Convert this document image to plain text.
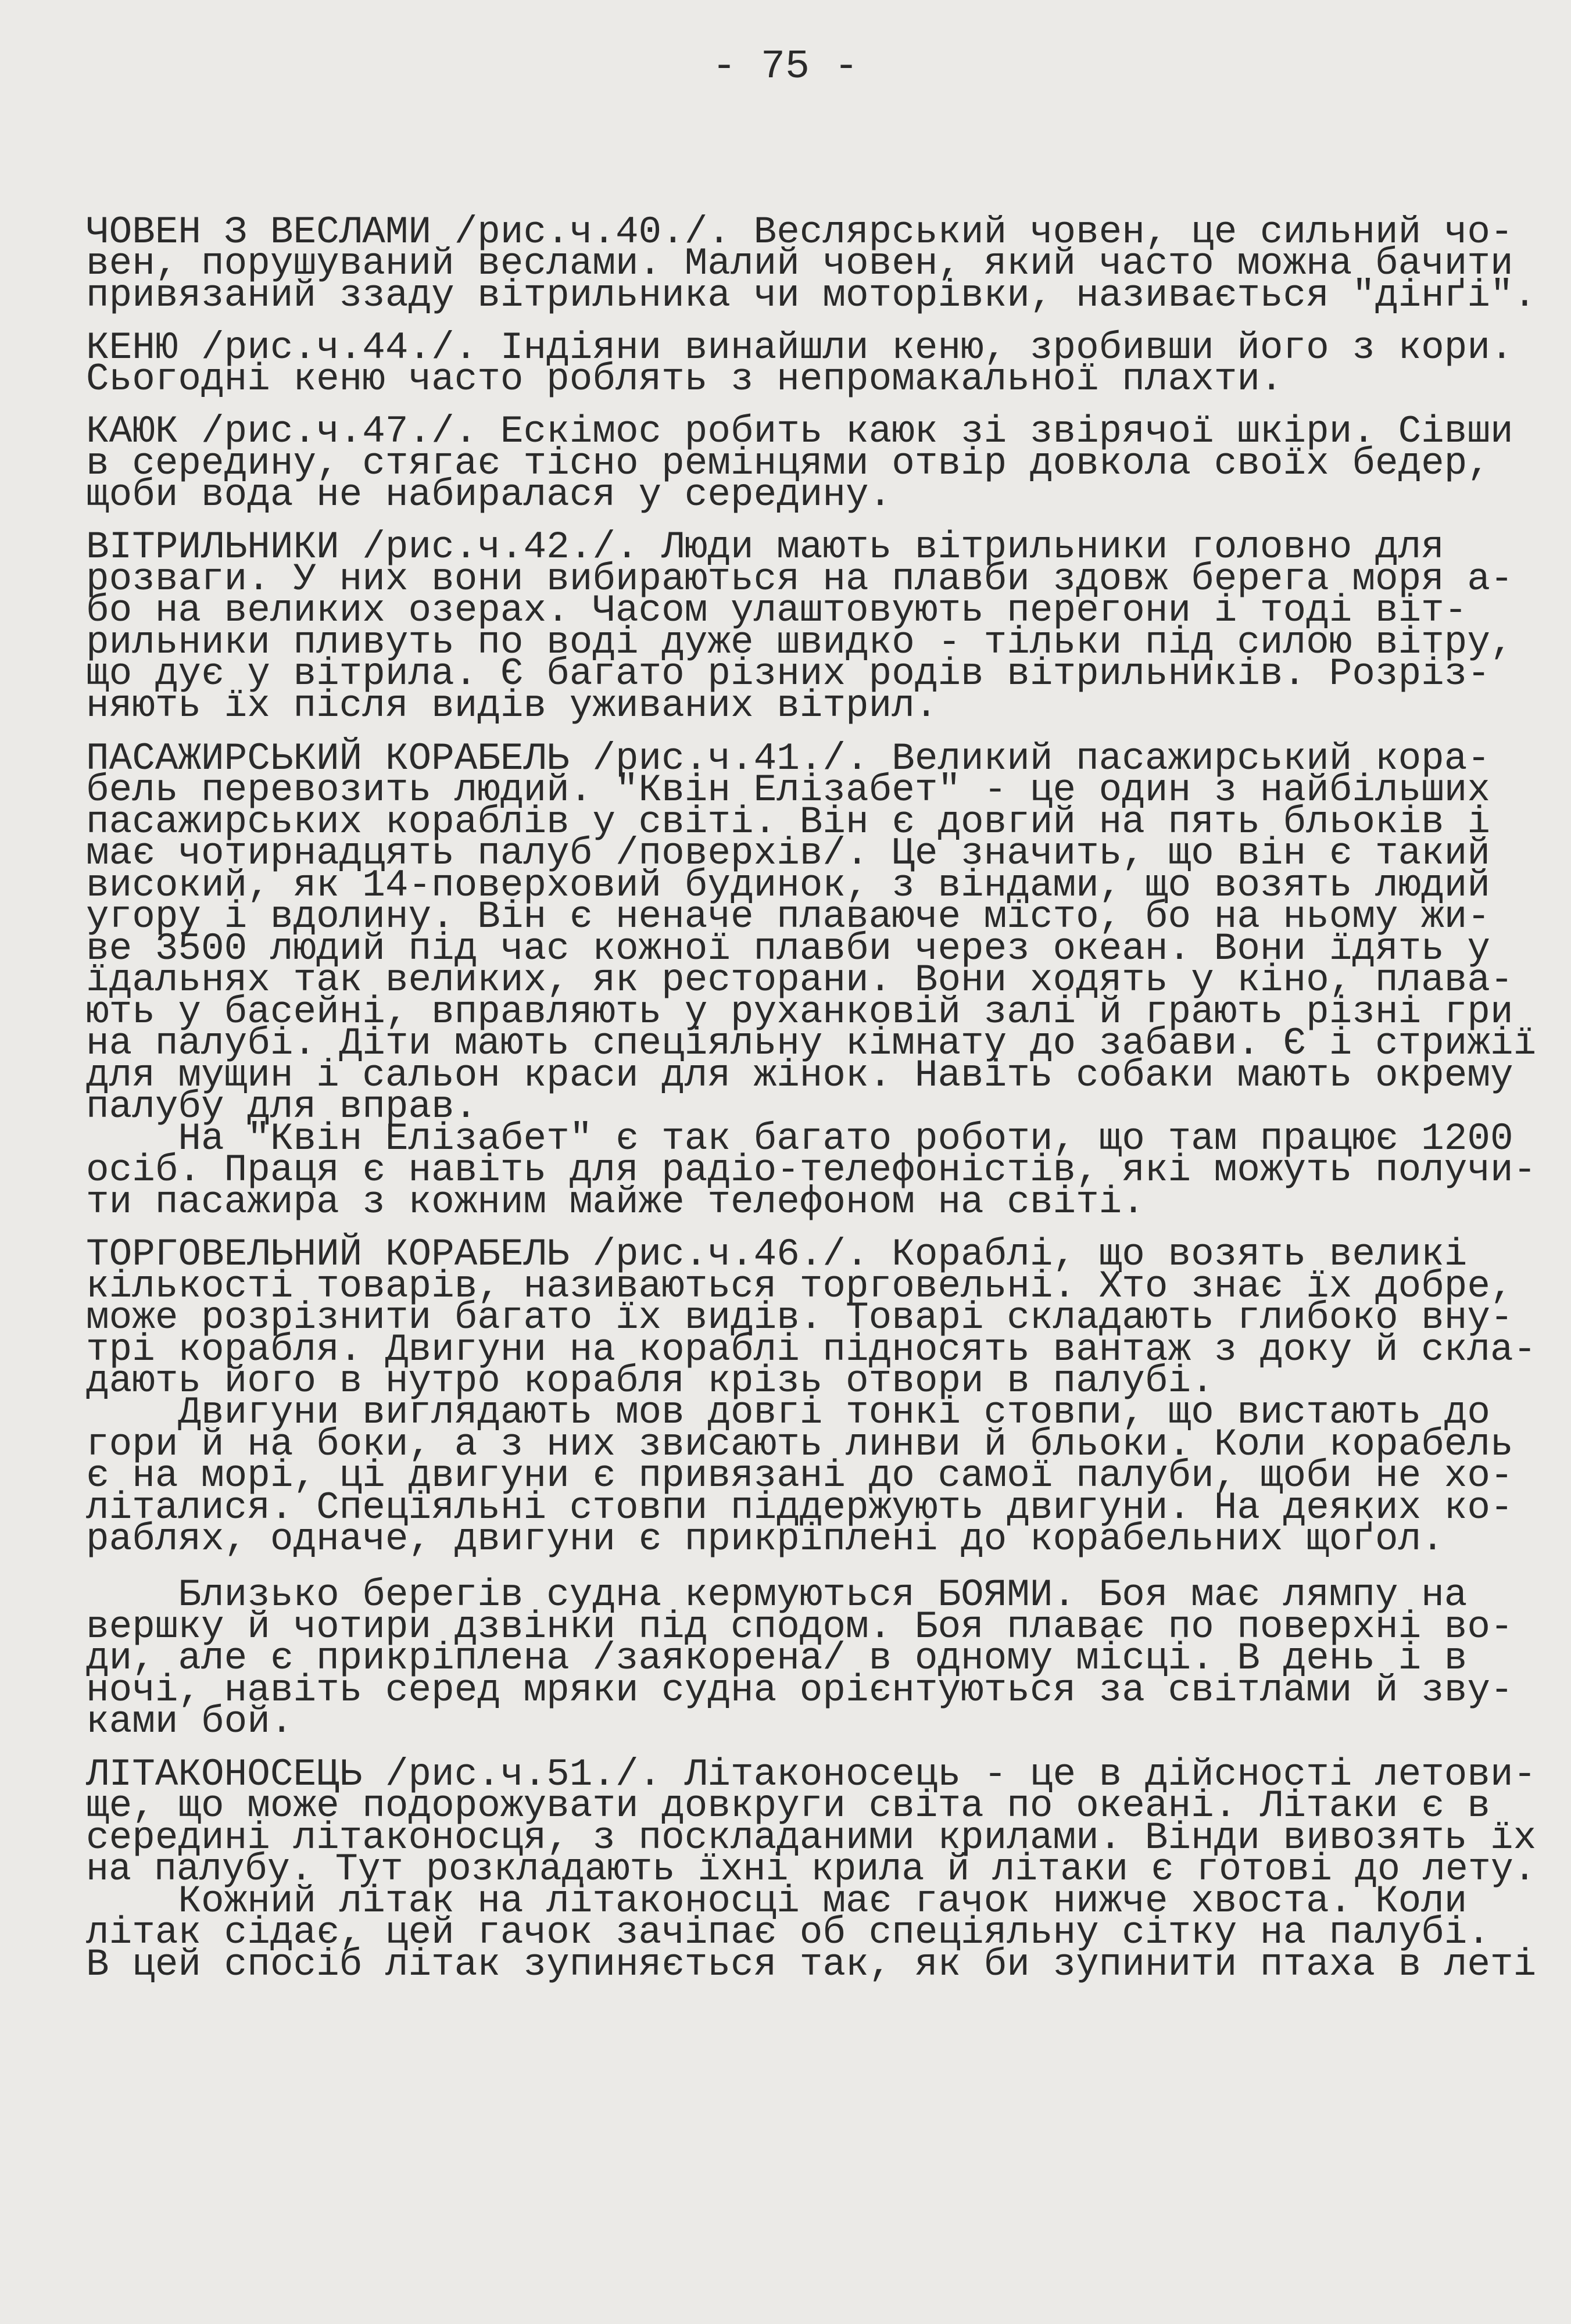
- 75 -
ЧОВЕН З ВЕСЛАМИ /рис.ч.40./. Веслярський човен, це сильний чо-
вен, порушуваний веслами. Малий човен, який часто можна бачити
привязаний ззаду вітрильника чи моторівки, називається "дінґі".
КЕНЮ /рис.ч.44./. Індіяни винайшли кеню, зробивши його з кори.
Сьогодні кеню часто роблять з непромакальної плахти.
КАЮК /рис.ч.47./. Ескімос робить каюк зі звірячої шкіри. Сівши
в середину, стягає тісно ремінцями отвір довкола своїх бедер,
щоби вода не набиралася у середину.
ВІТРИЛЬНИКИ /рис.ч.42./. Люди мають вітрильники головно для
розваги. У них вони вибираються на плавби здовж берега моря а-
бо на великих озерах. Часом улаштовують перегони і тоді віт-
рильники пливуть по воді дуже швидко - тільки під силою вітру,
що дує у вітрила. Є багато різних родів вітрильників. Розріз-
няють їх після видів уживаних вітрил.
ПАСАЖИРСЬКИЙ КОРАБЕЛЬ /рис.ч.41./. Великий пасажирський кора-
бель перевозить людий. "Квін Елізабет" - це один з найбільших
пасажирських кораблів у світі. Він є довгий на пять бльоків і
має чотирнадцять палуб /поверхів/. Це значить, що він є такий
високий, як 14-поверховий будинок, з віндами, що возять людий
угору і вдолину. Він є неначе плаваюче місто, бо на ньому жи-
ве 3500 людий під час кожної плавби через океан. Вони їдять у
їдальнях так великих, як ресторани. Вони ходять у кіно, плава-
ють у басейні, вправляють у руханковій залі й грають різні гри
на палубі. Діти мають спеціяльну кімнату до забави. Є і стрижії
для мущин і сальон краси для жінок. Навіть собаки мають окрему
палубу для вправ.
На "Квін Елізабет" є так багато роботи, що там працює 1200
осіб. Праця є навіть для радіо-телефоністів, які можуть получи-
ти пасажира з кожним майже телефоном на світі.
ТОРГОВЕЛЬНИЙ КОРАБЕЛЬ /рис.ч.46./. Кораблі, що возять великі
кількості товарів, називаються торговельні. Хто знає їх добре,
може розрізнити багато їх видів. Товарі складають глибоко вну-
трі корабля. Двигуни на кораблі підносять вантаж з доку й скла-
дають його в нутро корабля крізь отвори в палубі.
Двигуни виглядають мов довгі тонкі стовпи, що вистають до
гори й на боки, а з них звисають линви й бльоки. Коли корабель
є на морі, ці двигуни є привязані до самої палуби, щоби не хо-
літалися. Спеціяльні стовпи піддержують двигуни. На деяких ко-
раблях, одначе, двигуни є прикріплені до корабельних щоґол.
Близько берегів судна кермуються БОЯМИ. Боя має лямпу на
вершку й чотири дзвінки під сподом. Боя плаває по поверхні во-
ди, але є прикріплена /заякорена/ в одному місці. В день і в
ночі, навіть серед мряки судна орієнтуються за світлами й зву-
ками бой.
ЛІТАКОНОСЕЦЬ /рис.ч.51./. Літаконосець - це в дійсності летови-
ще, що може подорожувати довкруги світа по океані. Літаки є в
середині літаконосця, з поскладаними крилами. Вінди вивозять їх
на палубу. Тут розкладають їхні крила й літаки є готові до лету.
Кожний літак на літаконосці має гачок нижче хвоста. Коли
літак сідає, цей гачок зачіпає об спеціяльну сітку на палубі.
В цей спосіб літак зупиняється так, як би зупинити птаха в леті
